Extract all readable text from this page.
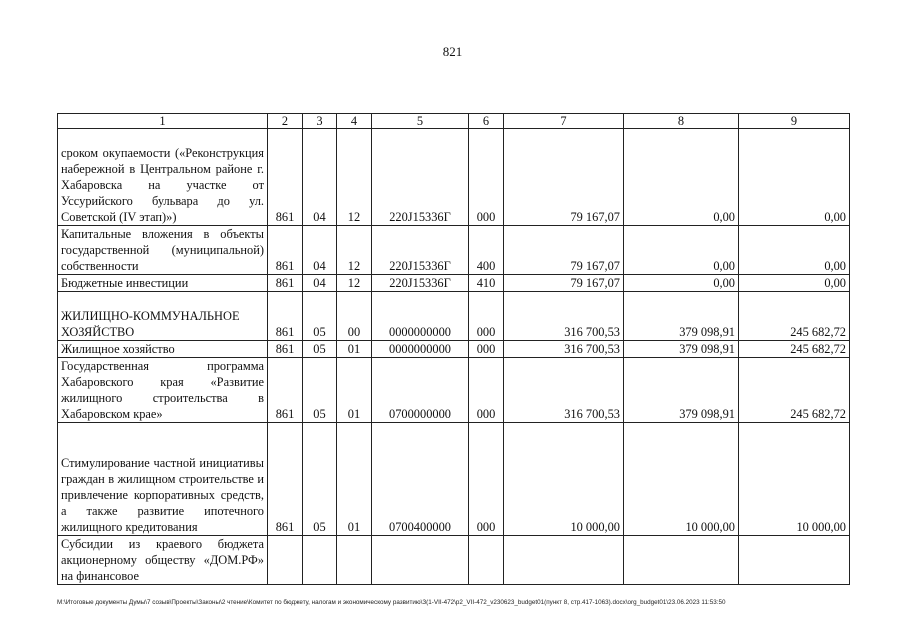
821
1	2	3	4	5	6	7	8	9
сроком окупаемости («Реконструкция набережной в Центральном районе г. Хабаровска на участке от Уссурийского бульвара до ул. Советской (IV этап)»)	861	04	12	220J15336Г	000	79 167,07	0,00	0,00
Капитальные вложения в объекты государственной (муниципальной) собственности	861	04	12	220J15336Г	400	79 167,07	0,00	0,00
Бюджетные инвестиции	861	04	12	220J15336Г	410	79 167,07	0,00	0,00
ЖИЛИЩНО-КОММУНАЛЬНОЕ ХОЗЯЙСТВО	861	05	00	0000000000	000	316 700,53	379 098,91	245 682,72
Жилищное хозяйство	861	05	01	0000000000	000	316 700,53	379 098,91	245 682,72
Государственная программа Хабаровского края «Развитие жилищного строительства в Хабаровском крае»	861	05	01	0700000000	000	316 700,53	379 098,91	245 682,72
Стимулирование частной инициативы граждан в жилищном строительстве и привлечение корпоративных средств, а также развитие ипотечного жилищного кредитования	861	05	01	0700400000	000	10 000,00	10 000,00	10 000,00
Субсидии из краевого бюджета акционерному обществу «ДОМ.РФ» на финансовое								
M:\Итоговые документы Думы\7 созыв\Проекты\Законы\2 чтение\Комитет по бюджету, налогам и экономическому развитию\З(1-VII-472\р2_VII-472_v230623_budget01(пункт 8, стр.417-1063).docx\org_budget01\23.06.2023 11:53:50
